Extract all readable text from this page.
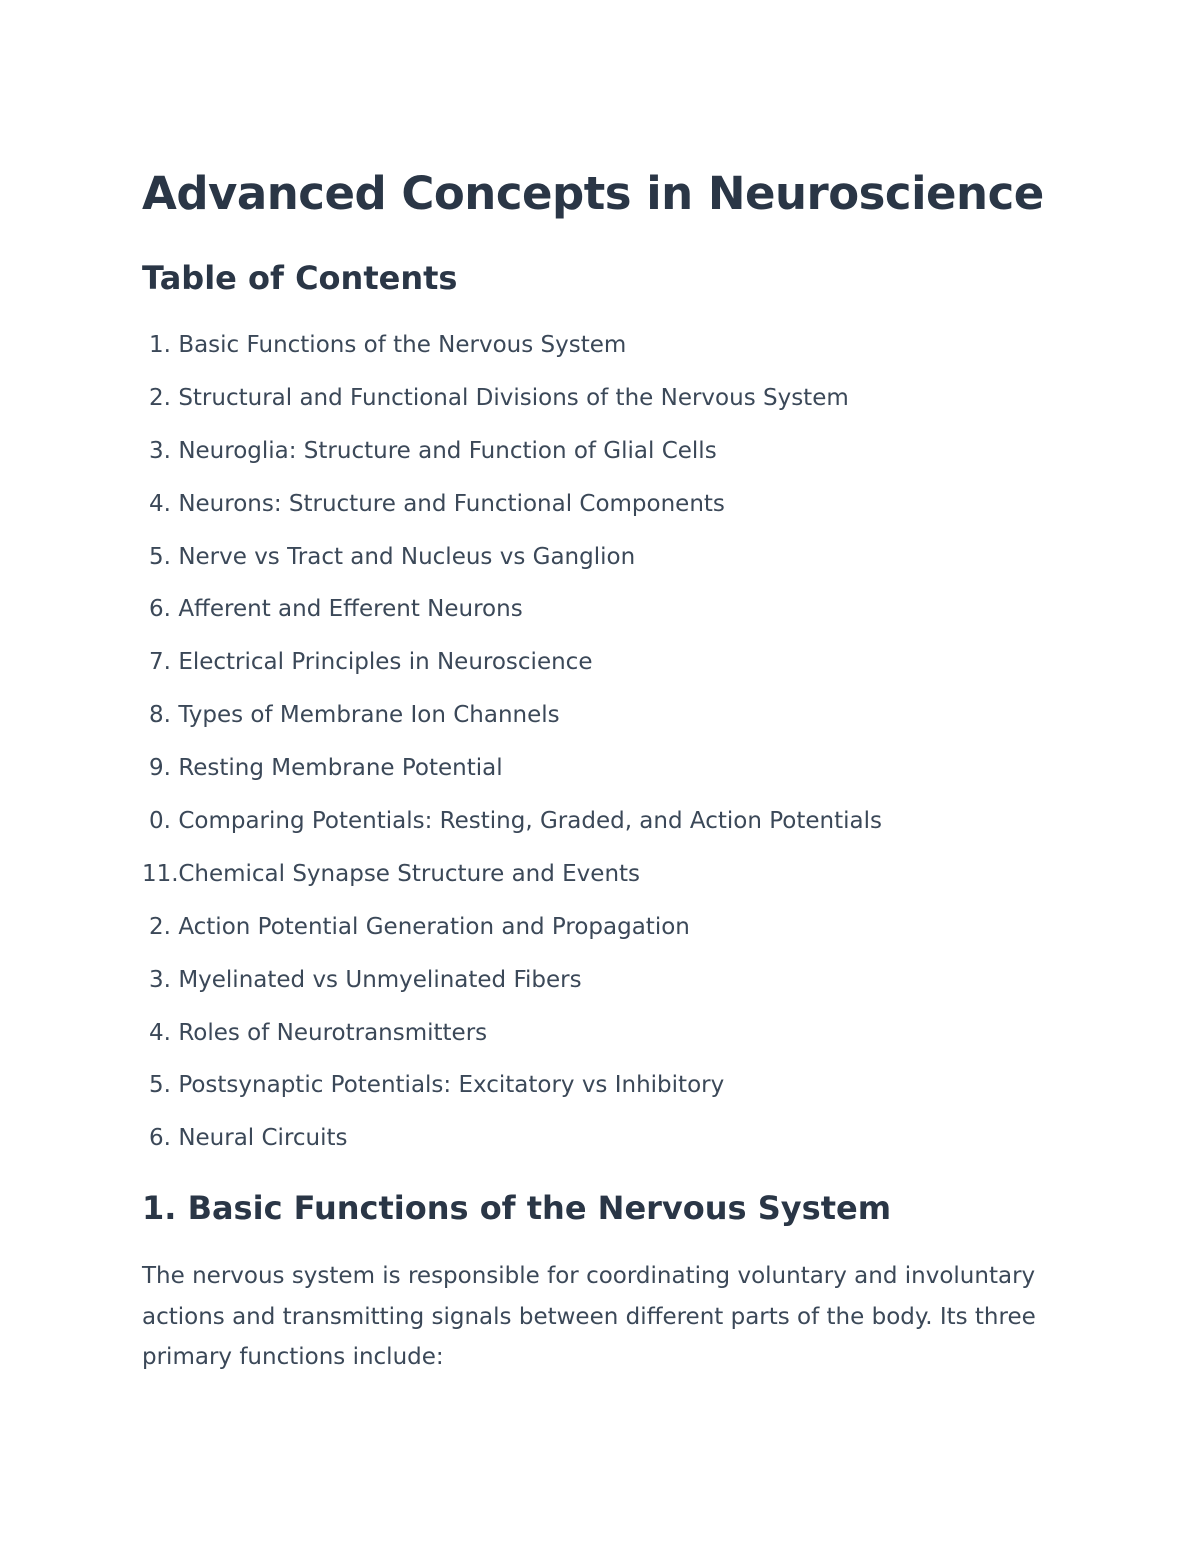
Advanced Concepts in Neuroscience
Table of Contents
1. Basic Functions of the Nervous System
2. Structural and Functional Divisions of the Nervous System
3. Neuroglia: Structure and Function of Glial Cells
4. Neurons: Structure and Functional Components
5. Nerve vs Tract and Nucleus vs Ganglion
6. Afferent and Efferent Neurons
7. Electrical Principles in Neuroscience
8. Types of Membrane Ion Channels
9. Resting Membrane Potential
0. Comparing Potentials: Resting, Graded, and Action Potentials
11. Chemical Synapse Structure and Events
2. Action Potential Generation and Propagation
3. Myelinated vs Unmyelinated Fibers
4. Roles of Neurotransmitters
5. Postsynaptic Potentials: Excitatory vs Inhibitory
6. Neural Circuits
1. Basic Functions of the Nervous System

The nervous system is responsible for coordinating voluntary and involuntary actions and transmitting signals between different parts of the body. Its three primary functions include:
